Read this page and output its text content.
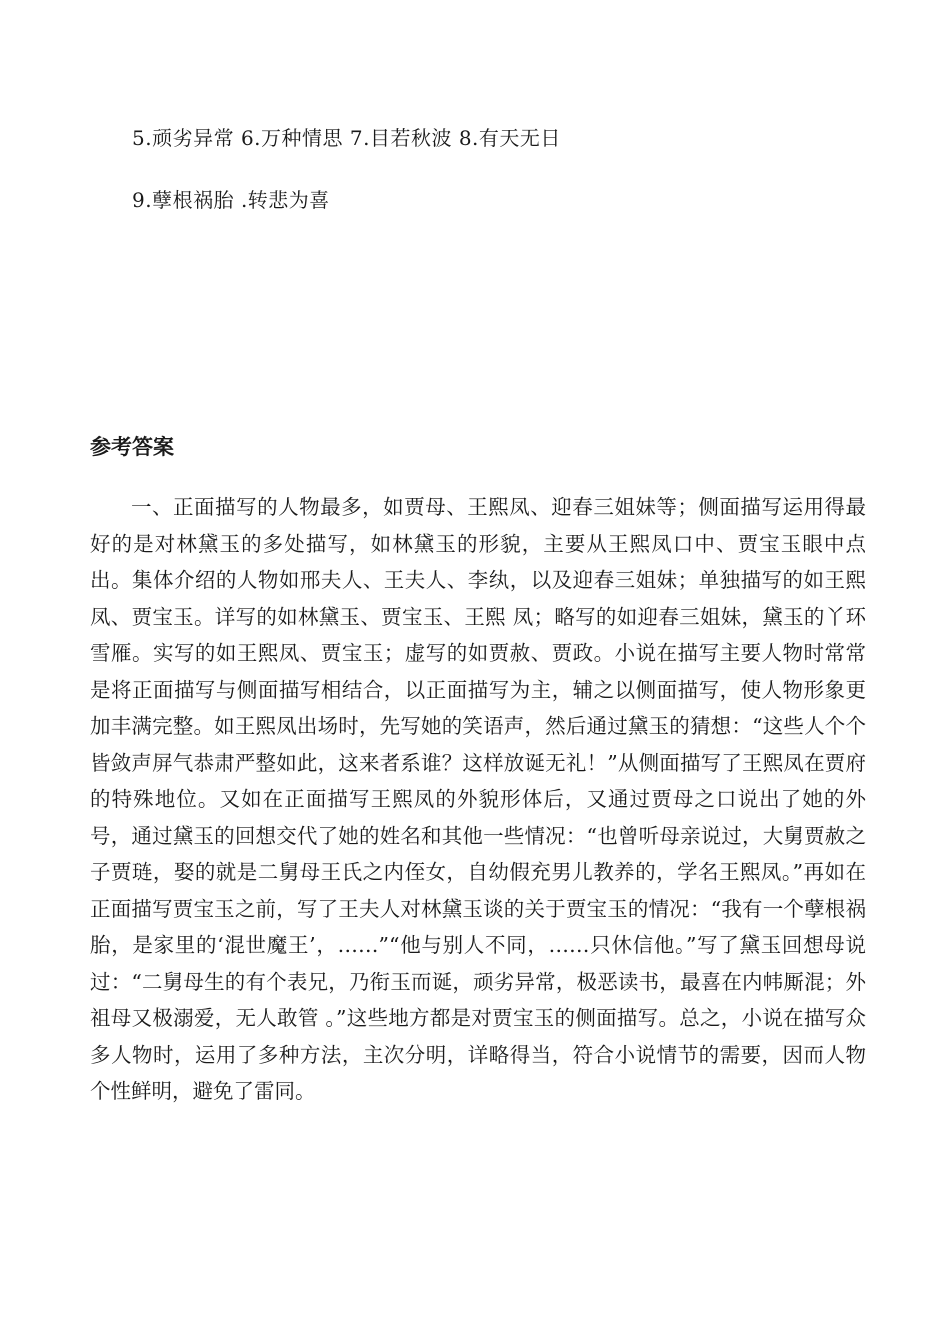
5.顽劣异常 6.万种情思 7.目若秋波 8.有天无日
9.孽根祸胎 .转悲为喜
参考答案

一、正面描写的人物最多，如贾母、王熙凤、迎春三姐妹等；侧面描写运用得最好的是对林黛玉的多处描写，如林黛玉的形貌，主要从王熙凤口中、贾宝玉眼中点出。集体介绍的人物如邢夫人、王夫人、李纨，以及迎春三姐妹；单独描写的如王熙凤、贾宝玉。详写的如林黛玉、贾宝玉、王熙 凤；略写的如迎春三姐妹，黛玉的丫环雪雁。实写的如王熙凤、贾宝玉；虚写的如贾赦、贾政。小说在描写主要人物时常常是将正面描写与侧面描写相结合，以正面描写为主，辅之以侧面描写，使人物形象更加丰满完整。如王熙凤出场时，先写她的笑语声，然后通过黛玉的猜想：“这些人个个皆敛声屏气恭肃严整如此，这来者系谁？这样放诞无礼！”从侧面描写了王熙凤在贾府的特殊地位。又如在正面描写王熙凤的外貌形体后，又通过贾母之口说出了她的外号，通过黛玉的回想交代了她的姓名和其他一些情况：“也曾听母亲说过，大舅贾赦之子贾琏，娶的就是二舅母王氏之内侄女，自幼假充男儿教养的，学名王熙凤。”再如在正面描写贾宝玉之前，写了王夫人对林黛玉谈的关于贾宝玉的情况：“我有一个孽根祸胎，是家里的‘混世魔王’，……”“他与别人不同，……只休信他。”写了黛玉回想母说过：“二舅母生的有个表兄，乃衔玉而诞，顽劣异常，极恶读书，最喜在内帏厮混；外祖母又极溺爱，无人敢管 。”这些地方都是对贾宝玉的侧面描写。总之，小说在描写众多人物时，运用了多种方法，主次分明，详略得当，符合小说情节的需要，因而人物个性鲜明，避免了雷同。
